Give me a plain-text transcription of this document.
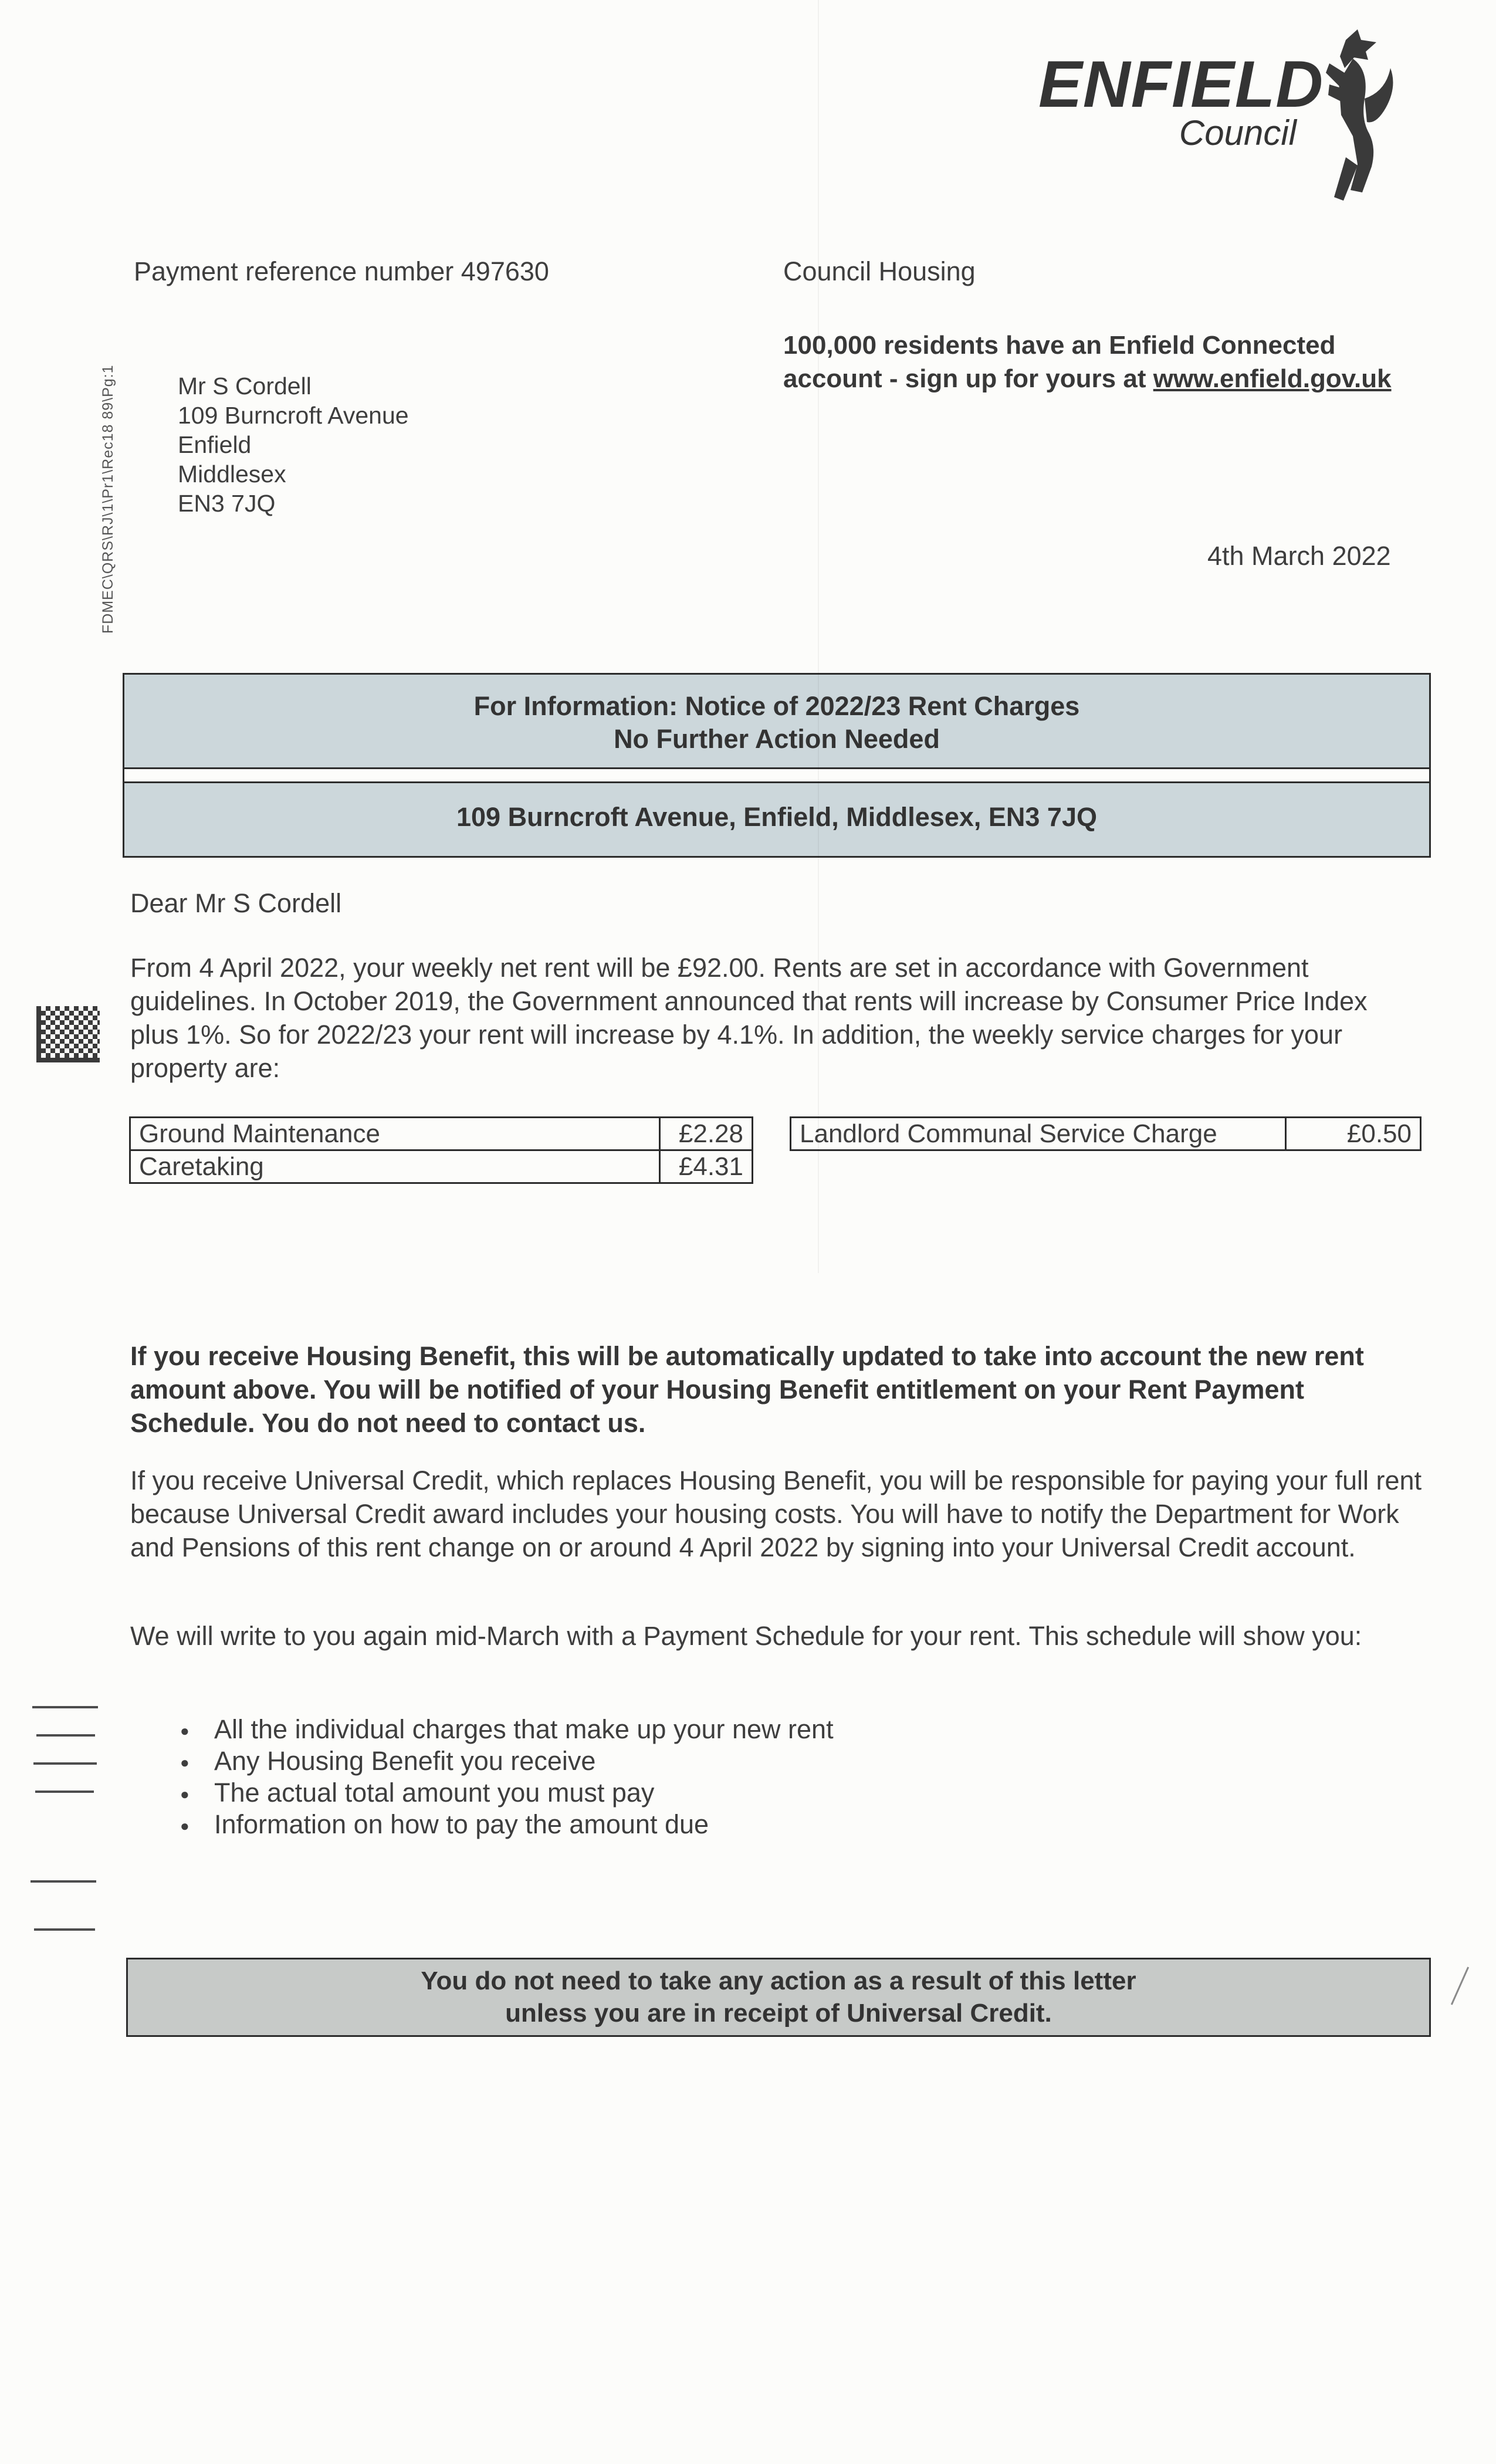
ENFIELD
Council
Payment reference number 497630	Council Housing
100,000 residents have an Enfield Connected account - sign up for yours at www.enfield.gov.uk
Mr S Cordell
109 Burncroft Avenue
Enfield
Middlesex
EN3 7JQ
4th March 2022
FDMEC\QRS\RJ\1\Pr1\Rec18 89\Pg:1
For Information: Notice of 2022/23 Rent Charges
No Further Action Needed
109 Burncroft Avenue, Enfield, Middlesex, EN3 7JQ
Dear Mr S Cordell
From 4 April 2022, your weekly net rent will be £92.00. Rents are set in accordance with Government guidelines. In October 2019, the Government announced that rents will increase by Consumer Price Index plus 1%. So for 2022/23 your rent will increase by 4.1%. In addition, the weekly service charges for your property are:
Ground Maintenance	£2.28
Caretaking	£4.31
Landlord Communal Service Charge	£0.50
If you receive Housing Benefit, this will be automatically updated to take into account the new rent amount above. You will be notified of your Housing Benefit entitlement on your Rent Payment Schedule. You do not need to contact us.
If you receive Universal Credit, which replaces Housing Benefit, you will be responsible for paying your full rent because Universal Credit award includes your housing costs. You will have to notify the Department for Work and Pensions of this rent change on or around 4 April 2022 by signing into your Universal Credit account.
We will write to you again mid-March with a Payment Schedule for your rent. This schedule will show you:
● All the individual charges that make up your new rent
● Any Housing Benefit you receive
● The actual total amount you must pay
● Information on how to pay the amount due
You do not need to take any action as a result of this letter
unless you are in receipt of Universal Credit.
